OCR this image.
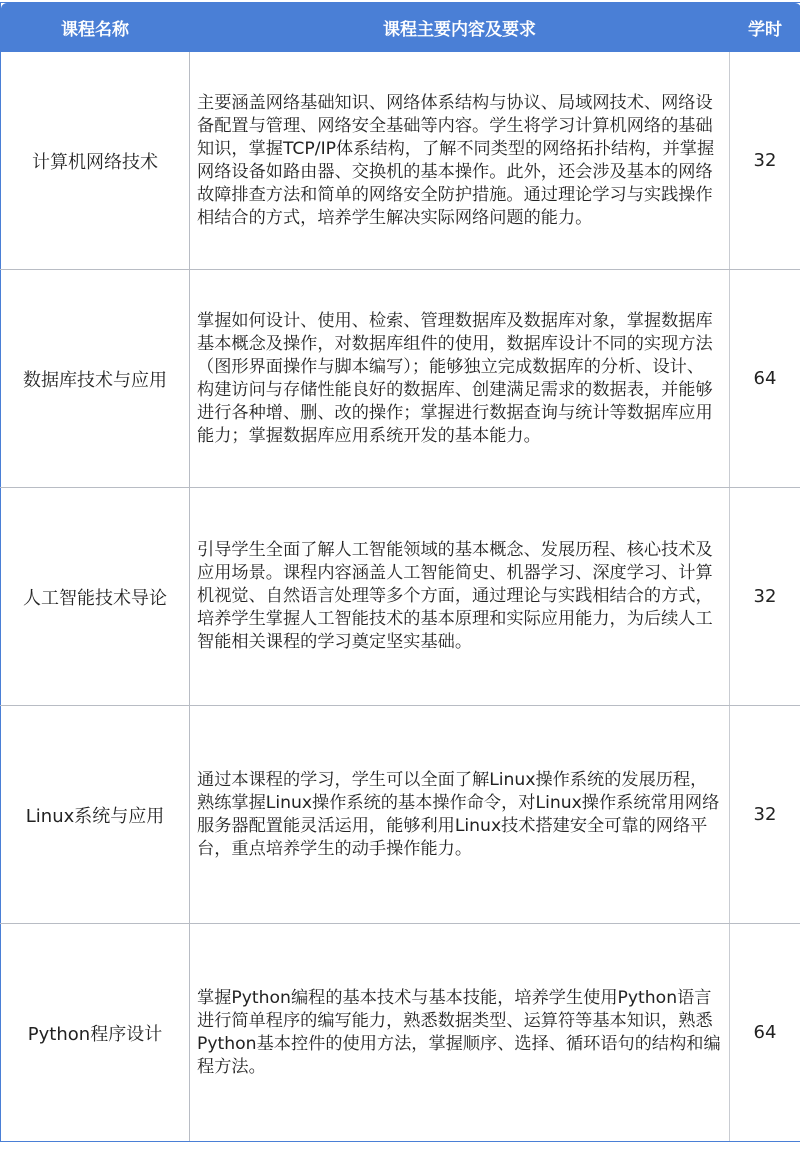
课程名称	课程主要内容及要求	学时
计算机网络技术	主要涵盖网络基础知识、网络体系结构与协议、局域网技术、网络设备配置与管理、网络安全基础等内容。学生将学习计算机网络的基础知识，掌握TCP/IP体系结构，了解不同类型的网络拓扑结构，并掌握网络设备如路由器、交换机的基本操作。此外，还会涉及基本的网络故障排查方法和简单的网络安全防护措施。通过理论学习与实践操作相结合的方式，培养学生解决实际网络问题的能力。	32
数据库技术与应用	掌握如何设计、使用、检索、管理数据库及数据库对象，掌握数据库基本概念及操作，对数据库组件的使用，数据库设计不同的实现方法（图形界面操作与脚本编写）；能够独立完成数据库的分析、设计、构建访问与存储性能良好的数据库、创建满足需求的数据表，并能够进行各种增、删、改的操作；掌握进行数据查询与统计等数据库应用能力；掌握数据库应用系统开发的基本能力。	64
人工智能技术导论	引导学生全面了解人工智能领域的基本概念、发展历程、核心技术及应用场景。课程内容涵盖人工智能简史、机器学习、深度学习、计算机视觉、自然语言处理等多个方面，通过理论与实践相结合的方式，培养学生掌握人工智能技术的基本原理和实际应用能力，为后续人工智能相关课程的学习奠定坚实基础。	32
Linux系统与应用	通过本课程的学习，学生可以全面了解Linux操作系统的发展历程，熟练掌握Linux操作系统的基本操作命令，对Linux操作系统常用网络服务器配置能灵活运用，能够利用Linux技术搭建安全可靠的网络平台，重点培养学生的动手操作能力。	32
Python程序设计	掌握Python编程的基本技术与基本技能，培养学生使用Python语言进行简单程序的编写能力，熟悉数据类型、运算符等基本知识，熟悉Python基本控件的使用方法，掌握顺序、选择、循环语句的结构和编程方法。	64
